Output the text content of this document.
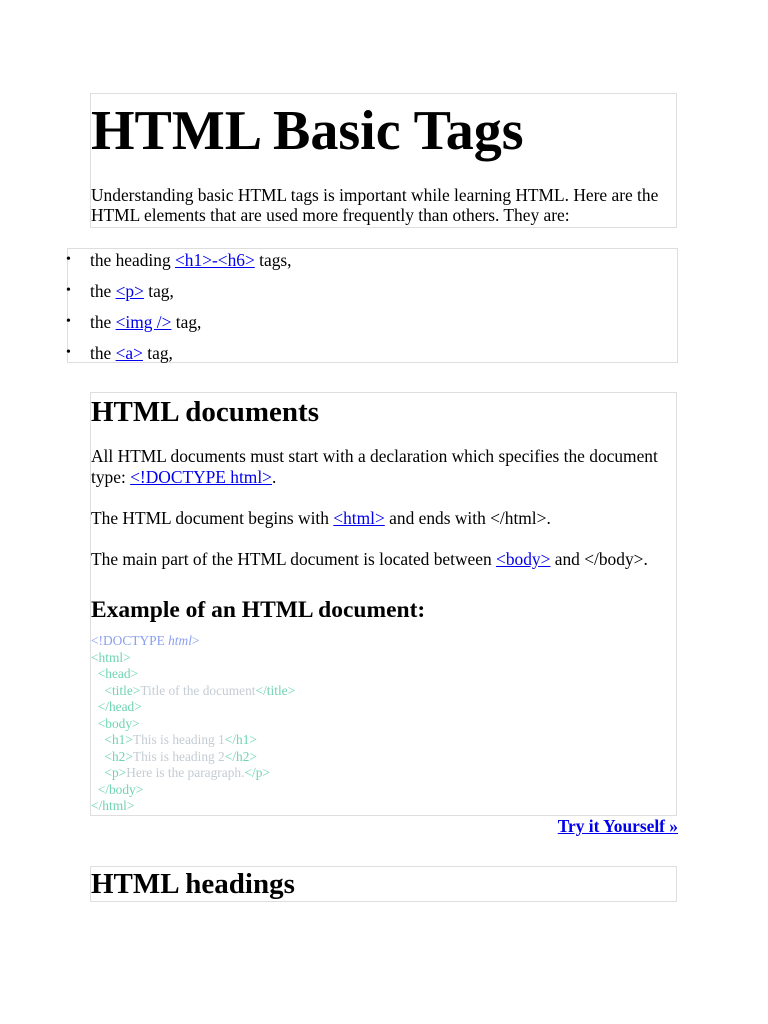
HTML Basic Tags

Understanding basic HTML tags is important while learning HTML. Here are the HTML elements that are used more frequently than others. They are:

• the heading <h1>-<h6> tags,
• the <p> tag,
• the <img /> tag,
• the <a> tag,
HTML documents

All HTML documents must start with a declaration which specifies the document type: <!DOCTYPE html>.

The HTML document begins with <html> and ends with </html>.

The main part of the HTML document is located between <body> and </body>.

Example of an HTML document:
<!DOCTYPE html>
<html>
<head>
<title>Title of the document</title>
</head>
<body>
<h1>This is heading 1</h1>
<h2>This is heading 2</h2>
<p>Here is the paragraph.</p>
</body>
</html>
Try it Yourself »
HTML headings
